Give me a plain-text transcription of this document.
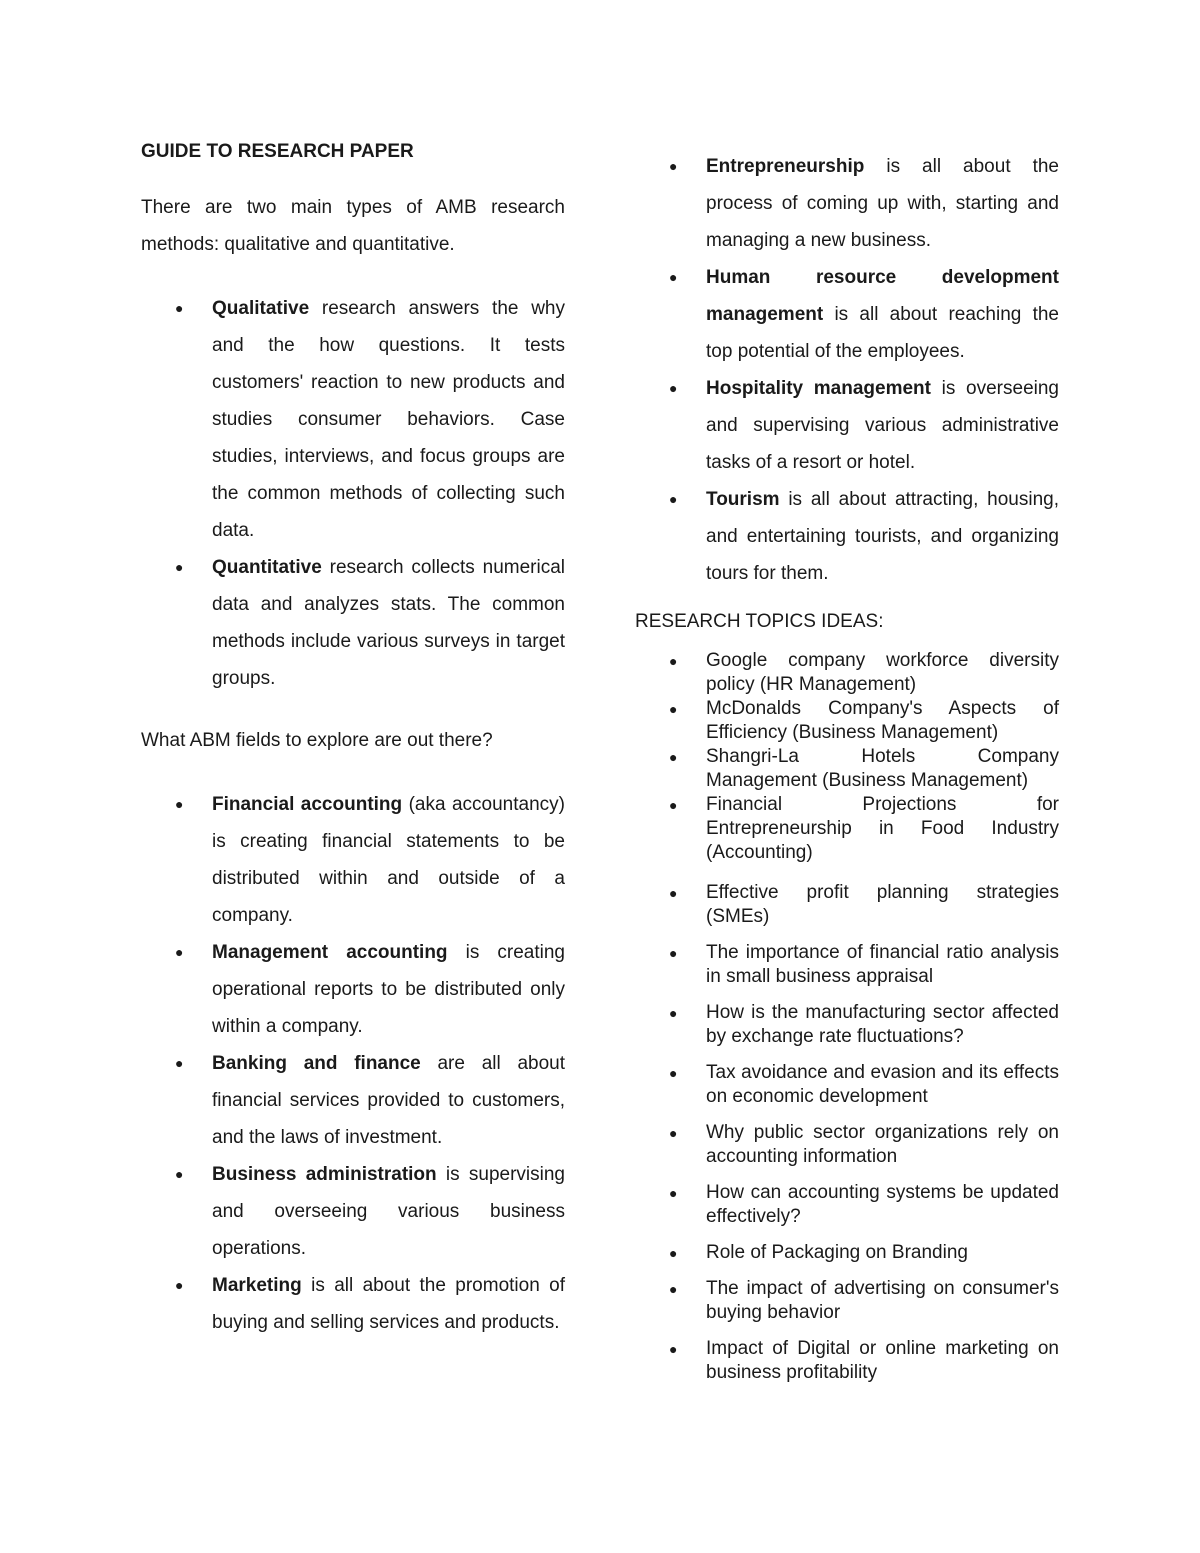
GUIDE TO RESEARCH PAPER

There are two main types of AMB research methods: qualitative and quantitative.

●
Qualitative research answers the why and the how questions. It tests customers' reaction to new products and studies consumer behaviors. Case studies, interviews, and focus groups are the common methods of collecting such data.
●
Quantitative research collects numerical data and analyzes stats. The common methods include various surveys in target groups.

What ABM fields to explore are out there?

●
Financial accounting (aka accountancy) is creating financial statements to be distributed within and outside of a company.
●
Management accounting is creating operational reports to be distributed only within a company.
●
Banking and finance are all about financial services provided to customers, and the laws of investment.
●
Business administration is supervising and overseeing various business operations.
●
Marketing is all about the promotion of buying and selling services and products.
●
Entrepreneurship is all about the process of coming up with, starting and managing a new business.
●
Human resource development management is all about reaching the top potential of the employees.
●
Hospitality management is overseeing and supervising various administrative tasks of a resort or hotel.
●
Tourism is all about attracting, housing, and entertaining tourists, and organizing tours for them.

RESEARCH TOPICS IDEAS:

●
Google company workforce diversity policy (HR Management)
●
McDonalds Company's Aspects of Efficiency (Business Management)
●
Shangri-La Hotels Company Management (Business Management)
●
Financial Projections for Entrepreneurship in Food Industry (Accounting)
●
Effective profit planning strategies (SMEs)
●
The importance of financial ratio analysis in small business appraisal
●
How is the manufacturing sector affected by exchange rate fluctuations?
●
Tax avoidance and evasion and its effects on economic development
●
Why public sector organizations rely on accounting information
●
How can accounting systems be updated effectively?
●
Role of Packaging on Branding
●
The impact of advertising on consumer's buying behavior
●
Impact of Digital or online marketing on business profitability
